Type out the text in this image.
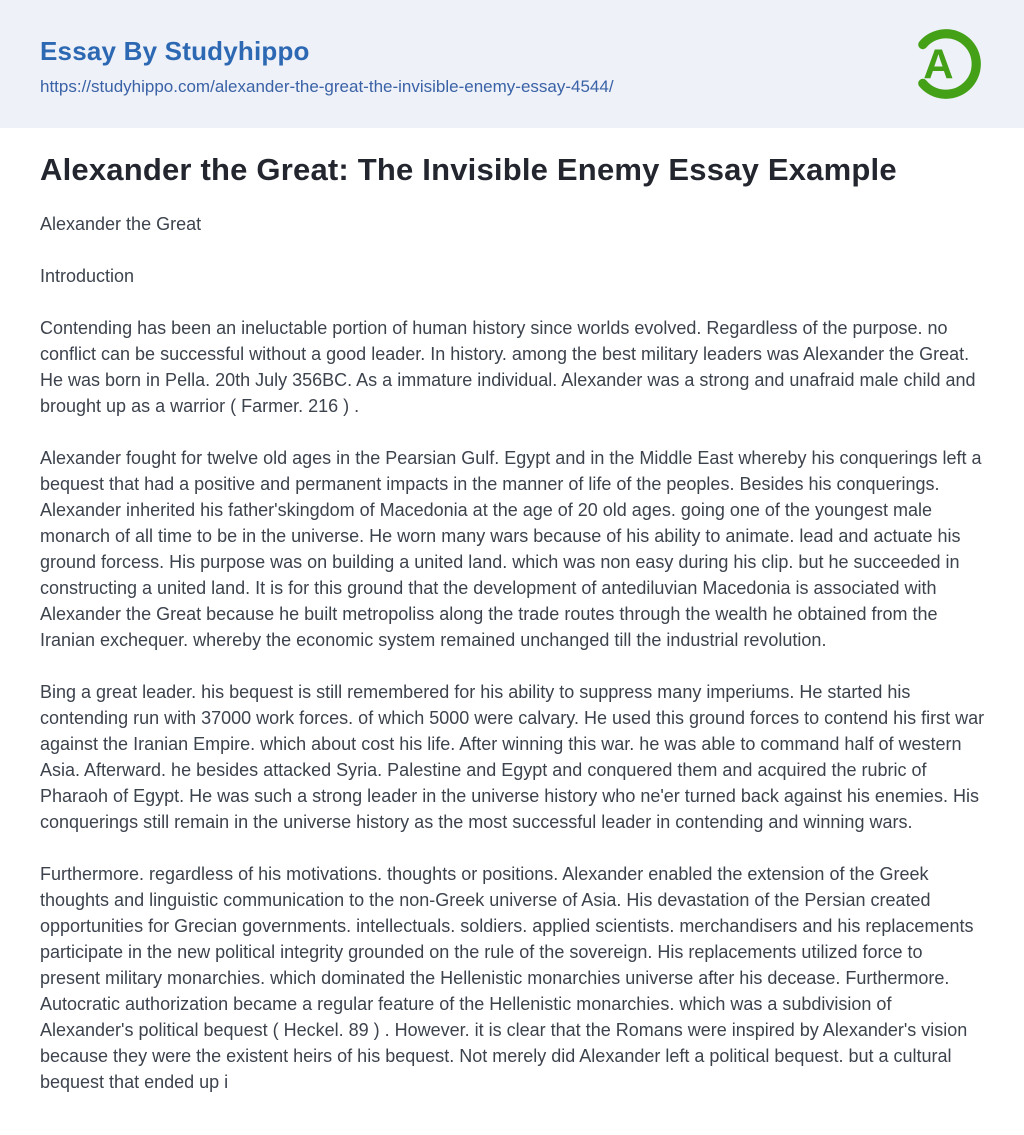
Essay By Studyhippo
https://studyhippo.com/alexander-the-great-the-invisible-enemy-essay-4544/	A
Alexander the Great: The Invisible Enemy Essay Example

Alexander the Great

Introduction

Contending has been an ineluctable portion of human history since worlds evolved. Regardless of the purpose. no conflict can be successful without a good leader. In history. among the best military leaders was Alexander the Great. He was born in Pella. 20th July 356BC. As a immature individual. Alexander was a strong and unafraid male child and brought up as a warrior ( Farmer. 216 ) .

Alexander fought for twelve old ages in the Pearsian Gulf. Egypt and in the Middle East whereby his conquerings left a bequest that had a positive and permanent impacts in the manner of life of the peoples. Besides his conquerings. Alexander inherited his father'skingdom of Macedonia at the age of 20 old ages. going one of the youngest male monarch of all time to be in the universe. He worn many wars because of his ability to animate. lead and actuate his ground forcess. His purpose was on building a united land. which was non easy during his clip. but he succeeded in constructing a united land. It is for this ground that the development of antediluvian Macedonia is associated with Alexander the Great because he built metropoliss along the trade routes through the wealth he obtained from the Iranian exchequer. whereby the economic system remained unchanged till the industrial revolution.

Bing a great leader. his bequest is still remembered for his ability to suppress many imperiums. He started his contending run with 37000 work forces. of which 5000 were calvary. He used this ground forces to contend his first war against the Iranian Empire. which about cost his life. After winning this war. he was able to command half of western Asia. Afterward. he besides attacked Syria. Palestine and Egypt and conquered them and acquired the rubric of Pharaoh of Egypt. He was such a strong leader in the universe history who ne'er turned back against his enemies. His conquerings still remain in the universe history as the most successful leader in contending and winning wars.

Furthermore. regardless of his motivations. thoughts or positions. Alexander enabled the extension of the Greek thoughts and linguistic communication to the non-Greek universe of Asia. His devastation of the Persian created opportunities for Grecian governments. intellectuals. soldiers. applied scientists. merchandisers and his replacements participate in the new political integrity grounded on the rule of the sovereign. His replacements utilized force to present military monarchies. which dominated the Hellenistic monarchies universe after his decease. Furthermore. Autocratic authorization became a regular feature of the Hellenistic monarchies. which was a subdivision of Alexander's political bequest ( Heckel. 89 ) . However. it is clear that the Romans were inspired by Alexander's vision because they were the existent heirs of his bequest. Not merely did Alexander left a political bequest. but a cultural bequest that ended up i
